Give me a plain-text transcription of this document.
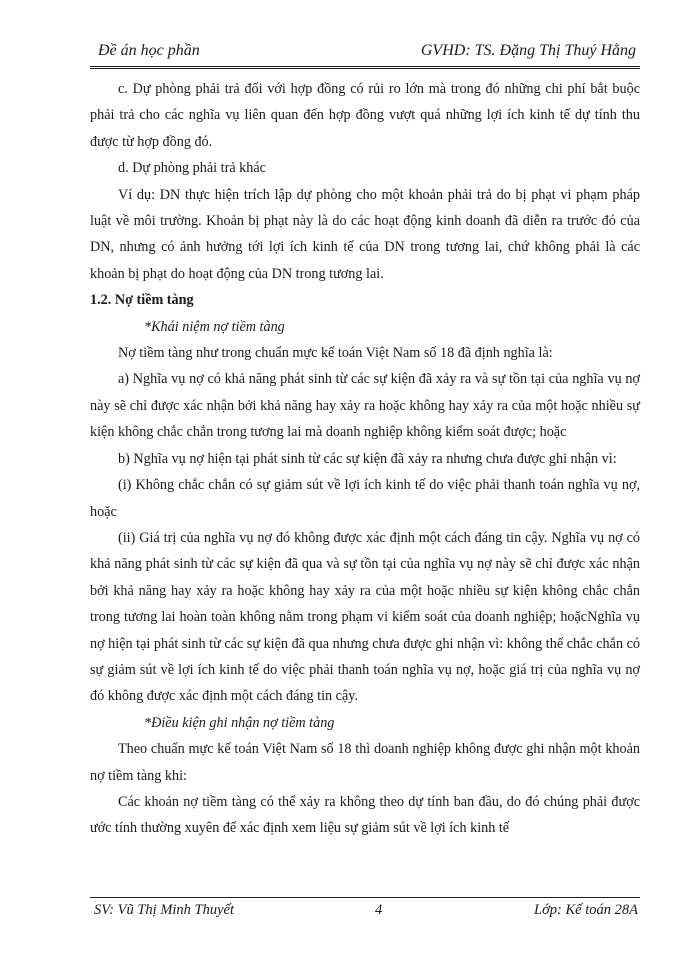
Đề án học phần	GVHD: TS. Đặng Thị Thuý Hằng

c. Dự phòng phải trả đối với hợp đồng có rủi ro lớn mà trong đó những chi phí bắt buộc phải trả cho các nghĩa vụ liên quan đến hợp đồng vượt quá những lợi ích kinh tế dự tính thu được từ hợp đồng đó.

d. Dự phòng phải trả khác

Ví dụ: DN thực hiện trích lập dự phòng cho một khoản phải trả do bị phạt vi phạm pháp luật về môi trường. Khoản bị phạt này là do các hoạt động kinh doanh đã diễn ra trước đó của DN, nhưng có ảnh hưởng tới lợi ích kinh tế của DN trong tương lai, chứ không phải là các khoản bị phạt do hoạt động của DN trong tương lai.

1.2. Nợ tiềm tàng

*Khái niệm nợ tiềm tàng

Nợ tiềm tàng như trong chuẩn mực kế toán Việt Nam số 18 đã định nghĩa là:

a) Nghĩa vụ nợ có khả năng phát sinh từ các sự kiện đã xảy ra và sự tồn tại của nghĩa vụ nợ này sẽ chỉ được xác nhận bởi khả năng hay xảy ra hoặc không hay xảy ra của một hoặc nhiều sự kiện không chắc chắn trong tương lai mà doanh nghiệp không kiểm soát được; hoặc

b) Nghĩa vụ nợ hiện tại phát sinh từ các sự kiện đã xảy ra nhưng chưa được ghi nhận vì:

(i) Không chắc chắn có sự giảm sút về lợi ích kinh tế do việc phải thanh toán nghĩa vụ nợ, hoặc

(ii) Giá trị của nghĩa vụ nợ đó không được xác định một cách đáng tin cậy. Nghĩa vụ nợ có khả năng phát sinh từ các sự kiện đã qua và sự tồn tại của nghĩa vụ nợ này sẽ chỉ được xác nhận bởi khả năng hay xảy ra hoặc không hay xảy ra của một hoặc nhiều sự kiện không chắc chắn trong tương lai hoàn toàn không nằm trong phạm vi kiểm soát của doanh nghiệp; hoặcNghĩa vụ nợ hiện tại phát sinh từ các sự kiện đã qua nhưng chưa được ghi nhận vì: không thể chắc chắn có sự giảm sút về lợi ích kinh tế do việc phải thanh toán nghĩa vụ nợ, hoặc giá trị của nghĩa vụ nợ đó không được xác định một cách đáng tin cậy.

*Điều kiện ghi nhận nợ tiềm tàng

Theo chuẩn mực kế toán Việt Nam số 18 thì doanh nghiệp không được ghi nhận một khoản nợ tiềm tàng khi:

Các khoản nợ tiềm tàng có thể xảy ra không theo dự tính ban đầu, do đó chúng phải được ước tính thường xuyên để xác định xem liệu sự giảm sút về lợi ích kinh tế

SV: Vũ Thị Minh Thuyết	4	Lớp: Kế toán 28A
